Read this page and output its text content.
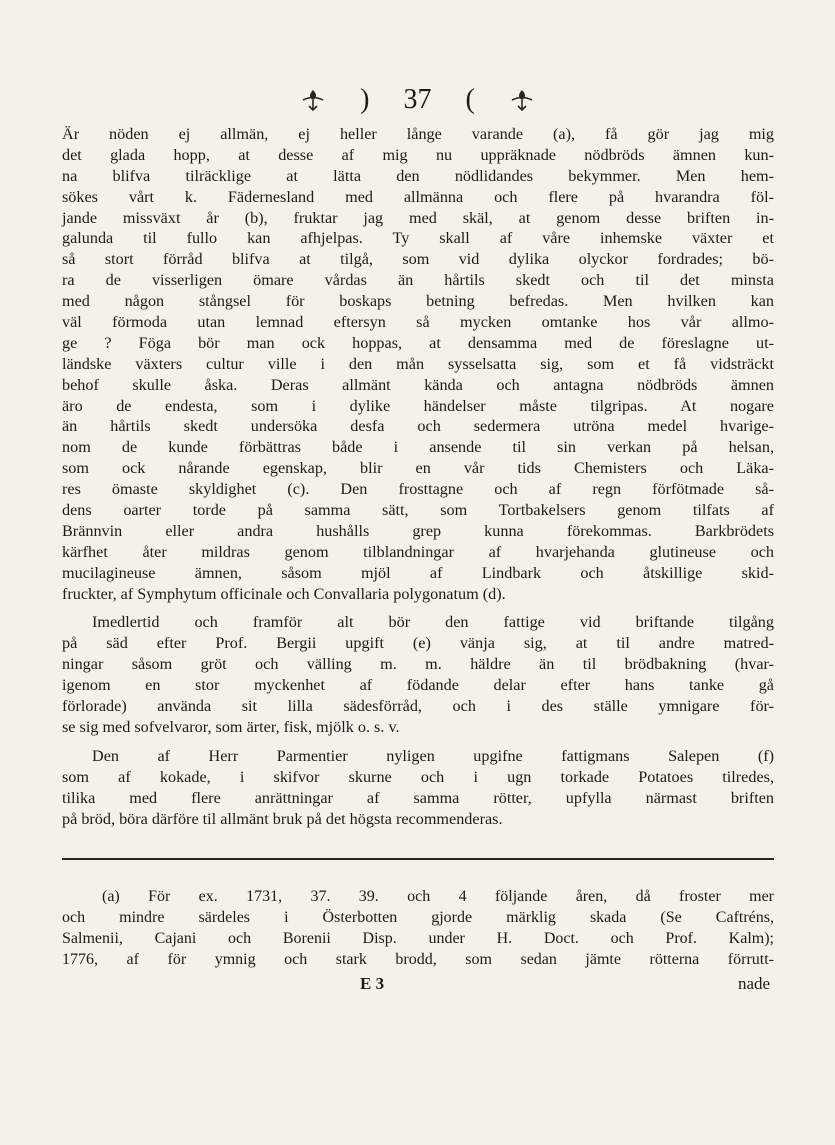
) 37 (
Är nöden ej allmän, ej heller långe varande (a), få gör jag mig
det glada hopp, at desse af mig nu uppräknade nödbröds ämnen kun-
na blifva tilräcklige at lätta den nödlidandes bekymmer. Men hem-
sökes vårt k. Fädernesland med allmänna och flere på hvarandra föl-
jande missväxt år (b), fruktar jag med skäl, at genom desse briften in-
galunda til fullo kan afhjelpas. Ty skall af våre inhemske växter et
så stort förråd blifva at tilgå, som vid dylika olyckor fordrades; bö-
ra de visserligen ömare vårdas än hårtils skedt och til det minsta
med någon stångsel för boskaps betning befredas. Men hvilken kan
väl förmoda utan lemnad eftersyn så mycken omtanke hos vår allmo-
ge ? Föga bör man ock hoppas, at densamma med de föreslagne ut-
ländske växters cultur ville i den mån sysselsatta sig, som et få vidsträckt
behof skulle åska. Deras allmänt kända och antagna nödbröds ämnen
äro de endesta, som i dylike händelser måste tilgripas. At nogare
än hårtils skedt undersöka desfa och sedermera utröna medel hvarige-
nom de kunde förbättras både i ansende til sin verkan på helsan,
som ock nårandе egenskap, blir en vår tids Chemisters och Läka-
res ömaste skyldighet (c). Den frosttagne och af regn förfötmade så-
dens oarter torde på samma sätt, som Tortbakelsers genom tilfats af
Brännvin eller andra hushålls grep kunna förekommas. Barkbrödets
kärfhet åter mildras genom tilblandningar af hvarjehanda glutineuse och
mucilagineuse ämnen, såsom mjöl af Lindbark och åtskillige skid-
fruckter, af Symphytum officinale och Convallaria polygonatum (d).
Imedlertid och framför alt bör den fattige vid briftande tilgång
på säd efter Prof. Bergii upgift (e) vänja sig, at til andre matred-
ningar såsom gröt och välling m. m. häldre än til brödbakning (hvar-
igenom en stor myckenhet af födande delar efter hans tanke gå
förlorade) använda sit lilla sädesförråd, och i des ställe ymnigare för-
se sig med sofvelvaror, som ärter, fisk, mjölk o. s. v.
Den af Herr Parmentier nyligen upgifne fattigmans Salepen (f)
som af kokade, i skifvor skurne och i ugn torkade Potatoes tilredes,
tilika med flere anrättningar af samma rötter, upfylla närmast briften
på bröd, böra därföre til allmänt bruk på det högsta recommenderas.
(a) För ex. 1731, 37. 39. och 4 följande åren, då froster mer
och mindre särdeles i Österbotten gjorde märklig skada (Se Caftréns,
Salmenii, Cajani och Borenii Disp. under H. Doct. och Prof. Kalm);
1776, af för ymnig och stark brodd, som sedan jämte rötterna förrutt-
E 3	nade
